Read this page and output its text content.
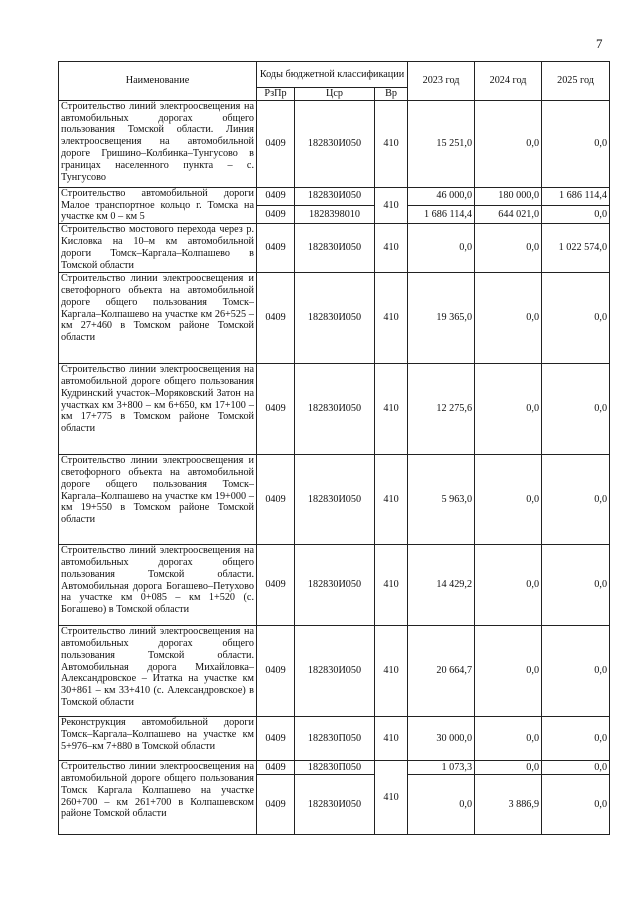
7
Наименование	Коды бюджетной классификации			2023 год	2024 год	2025 год
	РзПр	Цср	Вр			
Строительство линий электроосвещения на автомобильных дорогах общего пользования Томской области. Линия электроосвещения на автомобильной дороге Гришино–Колбинка–Тунгусово в границах населенного пункта – с. Тунгусово	0409	182830И050	410	15 251,0	0,0	0,0
Строительство автомобильной дороги Малое транспортное кольцо г. Томска на участке км 0 – км 5	0409	182830И050	410	46 000,0	180 000,0	1 686 114,4
	0409	1828398010		1 686 114,4	644 021,0	0,0
Строительство мостового перехода через р. Кисловка на 10–м км автомобильной дороги Томск–Каргала–Колпашево в Томской области	0409	182830И050	410	0,0	0,0	1 022 574,0
Строительство линии электроосвещения и светофорного объекта на автомобильной дороге общего пользования Томск–Каргала–Колпашево на участке км 26+525 – км 27+460 в Томском районе Томской области	0409	182830И050	410	19 365,0	0,0	0,0
Строительство линии электроосвещения на автомобильной дороге общего пользования Кудринский участок–Моряковский Затон на участках км 3+800 – км 6+650, км 17+100 – км 17+775 в Томском районе Томской области	0409	182830И050	410	12 275,6	0,0	0,0
Строительство линии электроосвещения и светофорного объекта на автомобильной дороге общего пользования Томск–Каргала–Колпашево на участке км 19+000 – км 19+550 в Томском районе Томской области	0409	182830И050	410	5 963,0	0,0	0,0
Строительство линий электроосвещения на автомобильных дорогах общего пользования Томской области. Автомобильная дорога Богашево–Петухово на участке км 0+085 – км 1+520 (с. Богашево) в Томской области	0409	182830И050	410	14 429,2	0,0	0,0
Строительство линий электроосвещения на автомобильных дорогах общего пользования Томской области. Автомобильная дорога Михайловка–Александровское – Итатка на участке км 30+861 – км 33+410 (с. Александровское) в Томской области	0409	182830И050	410	20 664,7	0,0	0,0
Реконструкция автомобильной дороги Томск–Каргала–Колпашево на участке км 5+976–км 7+880 в Томской области	0409	182830П050	410	30 000,0	0,0	0,0
Строительство линии электроосвещения на автомобильной дороге общего пользования Томск Каргала Колпашево на участке 260+700 – км 261+700 в Колпашевском районе Томской области	0409	182830П050	410	1 073,3	0,0	0,0
	0409	182830И050		0,0	3 886,9	0,0
